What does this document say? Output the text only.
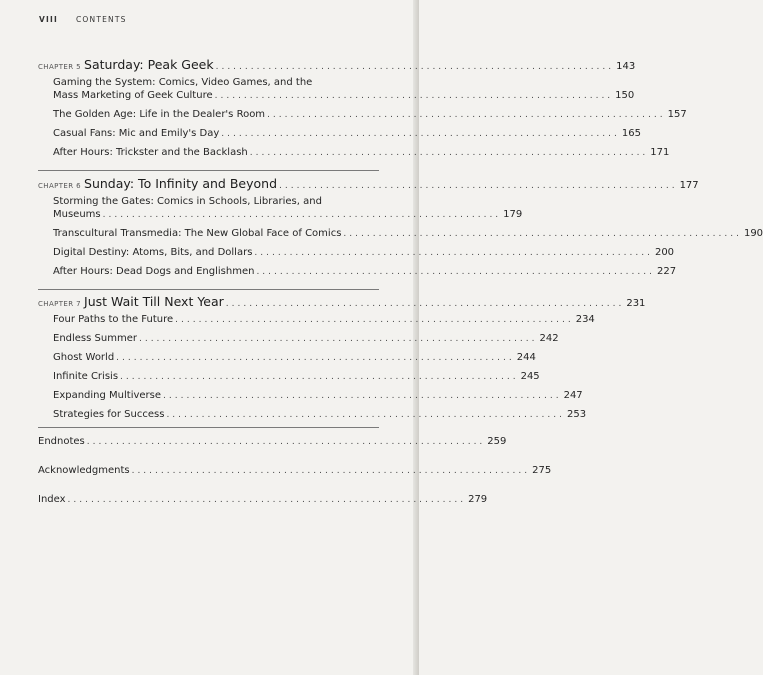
VIII CONTENTS
CHAPTER 5 Saturday: Peak Geek .................................................................... 143
Gaming the System: Comics, Video Games, and the
Mass Marketing of Geek Culture .................................................................... 150
The Golden Age: Life in the Dealer's Room .................................................................... 157
Casual Fans: Mic and Emily's Day .................................................................... 165
After Hours: Trickster and the Backlash .................................................................... 171
CHAPTER 6 Sunday: To Infinity and Beyond .................................................................... 177
Storming the Gates: Comics in Schools, Libraries, and
Museums .................................................................... 179
Transcultural Transmedia: The New Global Face of Comics .................................................................... 190
Digital Destiny: Atoms, Bits, and Dollars .................................................................... 200
After Hours: Dead Dogs and Englishmen .................................................................... 227
CHAPTER 7 Just Wait Till Next Year .................................................................... 231
Four Paths to the Future .................................................................... 234
Endless Summer .................................................................... 242
Ghost World .................................................................... 244
Infinite Crisis .................................................................... 245
Expanding Multiverse .................................................................... 247
Strategies for Success .................................................................... 253
Endnotes .................................................................... 259
Acknowledgments .................................................................... 275
Index .................................................................... 279
